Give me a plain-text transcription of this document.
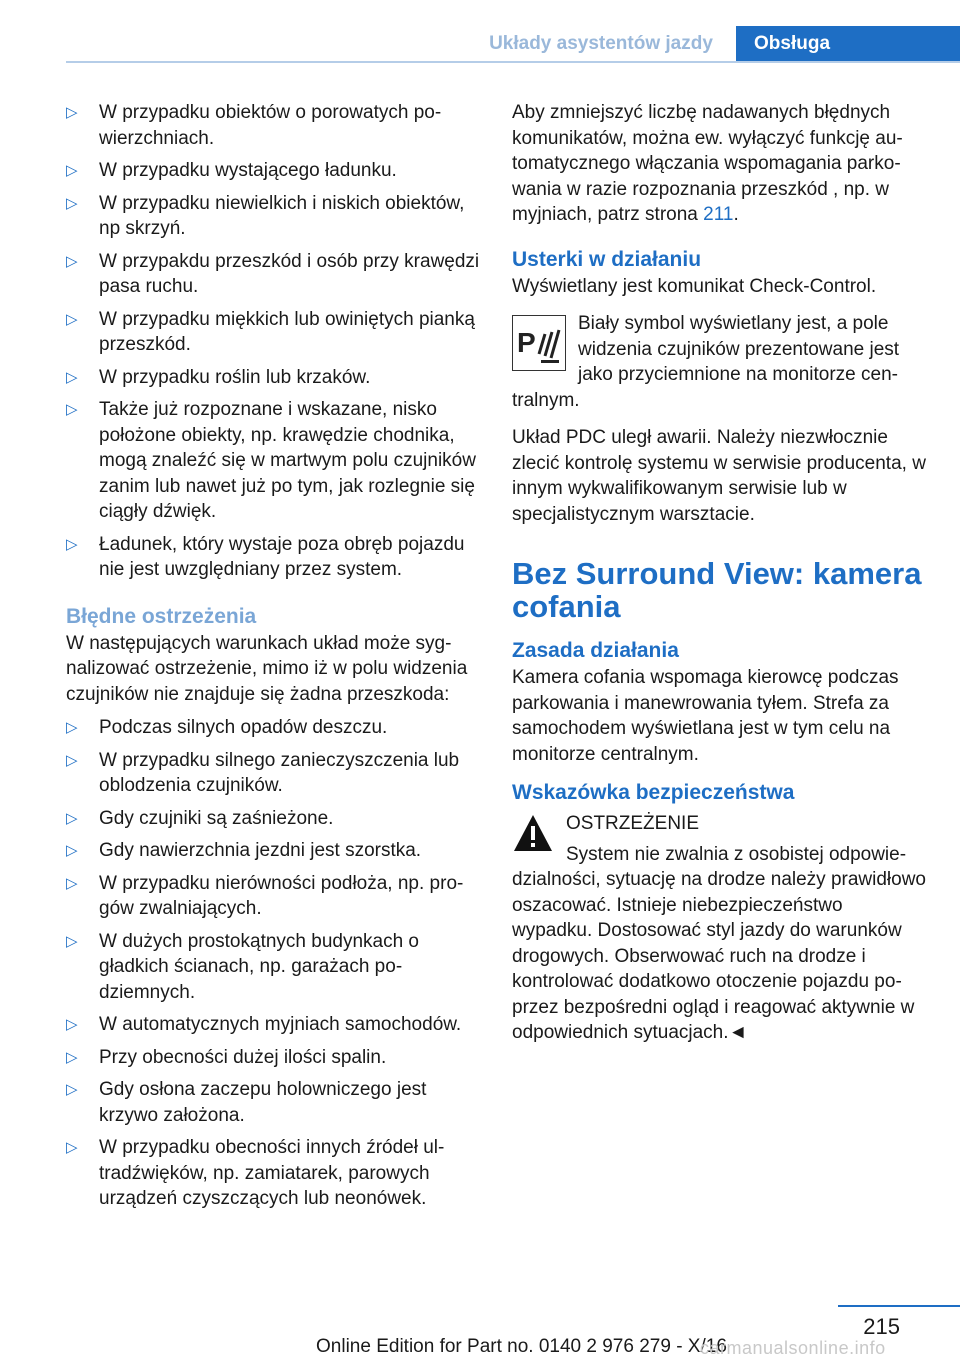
Układy asystentów jazdy	Obsługa
▷ W przypadku obiektów o porowatych powierzchniach.
▷ W przypadku wystającego ładunku.
▷ W przypadku niewielkich i niskich obiektów, np skrzyń.
▷ W przypakdu przeszkód i osób przy krawędzi pasa ruchu.
▷ W przypadku miękkich lub owiniętych pianką przeszkód.
▷ W przypadku roślin lub krzaków.
▷ Także już rozpoznane i wskazane, nisko położone obiekty, np. krawędzie chodnika, mogą znaleźć się w martwym polu czujników zanim lub nawet już po tym, jak rozlegnie się ciągły dźwięk.
▷ Ładunek, który wystaje poza obręb pojazdu nie jest uwzględniany przez system.
Błędne ostrzeżenia

W następujących warunkach układ może sygnalizować ostrzeżenie, mimo iż w polu widzenia czujników nie znajduje się żadna przeszkoda:

▷ Podczas silnych opadów deszczu.
▷ W przypadku silnego zanieczyszczenia lub oblodzenia czujników.
▷ Gdy czujniki są zaśnieżone.
▷ Gdy nawierzchnia jezdni jest szorstka.
▷ W przypadku nierówności podłoża, np. progów zwalniających.
▷ W dużych prostokątnych budynkach o gładkich ścianach, np. garażach podziemnych.
▷ W automatycznych myjniach samochodów.
▷ Przy obecności dużej ilości spalin.
▷ Gdy osłona zaczepu holowniczego jest krzywo założona.
▷ W przypadku obecności innych źródeł ultradźwięków, np. zamiatarek, parowych urządzeń czyszczących lub neonówek.

Aby zmniejszyć liczbę nadawanych błędnych komunikatów, można ew. wyłączyć funkcję automatycznego włączania wspomagania parkowania w razie rozpoznania przeszkód , np. w myjniach, patrz strona 211.

Usterki w działaniu

Wyświetlany jest komunikat Check-Control.

P

Biały symbol wyświetlany jest, a pole widzenia czujników prezentowane jest jako przyciemnione na monitorze centralnym.

Układ PDC uległ awarii. Należy niezwłocznie zlecić kontrolę systemu w serwisie producenta, w innym wykwalifikowanym serwisie lub w specjalistycznym warsztacie.

Bez Surround View: kamera cofania
Zasada działania

Kamera cofania wspomaga kierowcę podczas parkowania i manewrowania tyłem. Strefa za samochodem wyświetlana jest w tym celu na monitorze centralnym.

Wskazówka bezpieczeństwa

OSTRZEŻENIE

System nie zwalnia z osobistej odpowiedzialności, sytuację na drodze należy prawidłowo oszacować. Istnieje niebezpieczeństwo wypadku. Dostosować styl jazdy do warunków drogowych. Obserwować ruch na drodze i kontrolować dodatkowo otoczenie pojazdu poprzez bezpośredni ogląd i reagować aktywnie w odpowiednich sytuacjach.◄

215
Online Edition for Part no. 0140 2 976 279 - X/16
carmanualsonline.info
